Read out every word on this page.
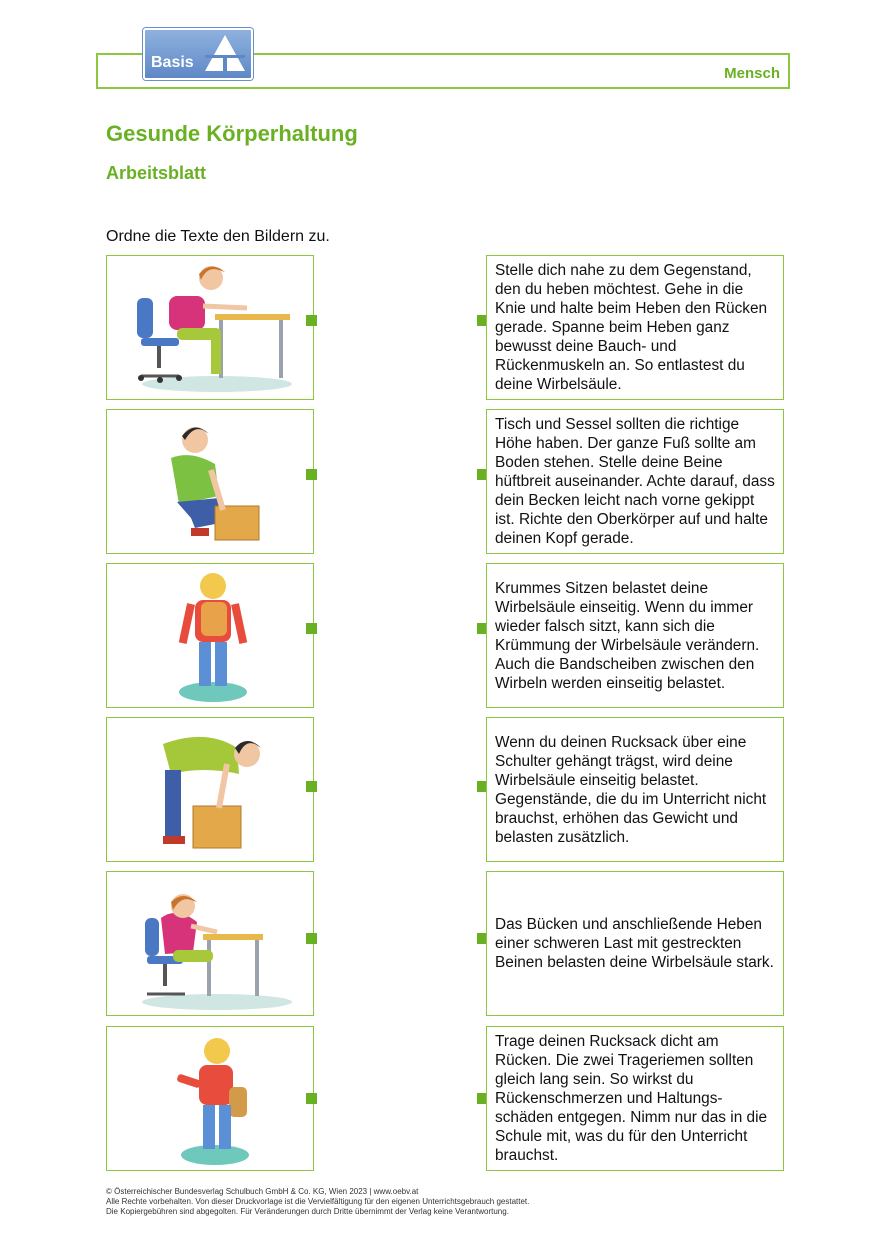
Mensch
Basis
Gesunde Körperhaltung
Arbeitsblatt
Ordne die Texte den Bildern zu.
Stelle dich nahe zu dem Gegenstand, den du heben möchtest. Gehe in die Knie und halte beim Heben den Rücken gerade. Spanne beim Heben ganz bewusst deine Bauch- und Rückenmuskeln an. So entlastest du deine Wirbelsäule.
Tisch und Sessel sollten die richtige Höhe haben. Der ganze Fuß sollte am Boden stehen. Stelle deine Beine hüftbreit auseinander. Achte darauf, dass dein Becken leicht nach vorne gekippt ist. Richte den Oberkörper auf und halte deinen Kopf gerade.
Krummes Sitzen belastet deine Wirbelsäule einseitig. Wenn du immer wieder falsch sitzt, kann sich die Krümmung der Wirbelsäule verändern. Auch die Bandscheiben zwischen den Wirbeln werden einseitig belastet.
Wenn du deinen Rucksack über eine Schulter gehängt trägst, wird deine Wirbelsäule einseitig belastet. Gegenstände, die du im Unterricht nicht brauchst, erhöhen das Gewicht und belasten zusätzlich.
Das Bücken und anschließende Heben einer schweren Last mit gestreckten Beinen belasten deine Wirbelsäule stark.
Trage deinen Rucksack dicht am Rücken. Die zwei Trageriemen sollten gleich lang sein. So wirkst du Rückenschmerzen und Haltungs-schäden entgegen. Nimm nur das in die Schule mit, was du für den Unterricht brauchst.
© Österreichischer Bundesverlag Schulbuch GmbH & Co. KG, Wien 2023 | www.oebv.at
Alle Rechte vorbehalten. Von dieser Druckvorlage ist die Vervielfältigung für den eigenen Unterrichtsgebrauch gestattet.
Die Kopiergebühren sind abgegolten. Für Veränderungen durch Dritte übernimmt der Verlag keine Verantwortung.
